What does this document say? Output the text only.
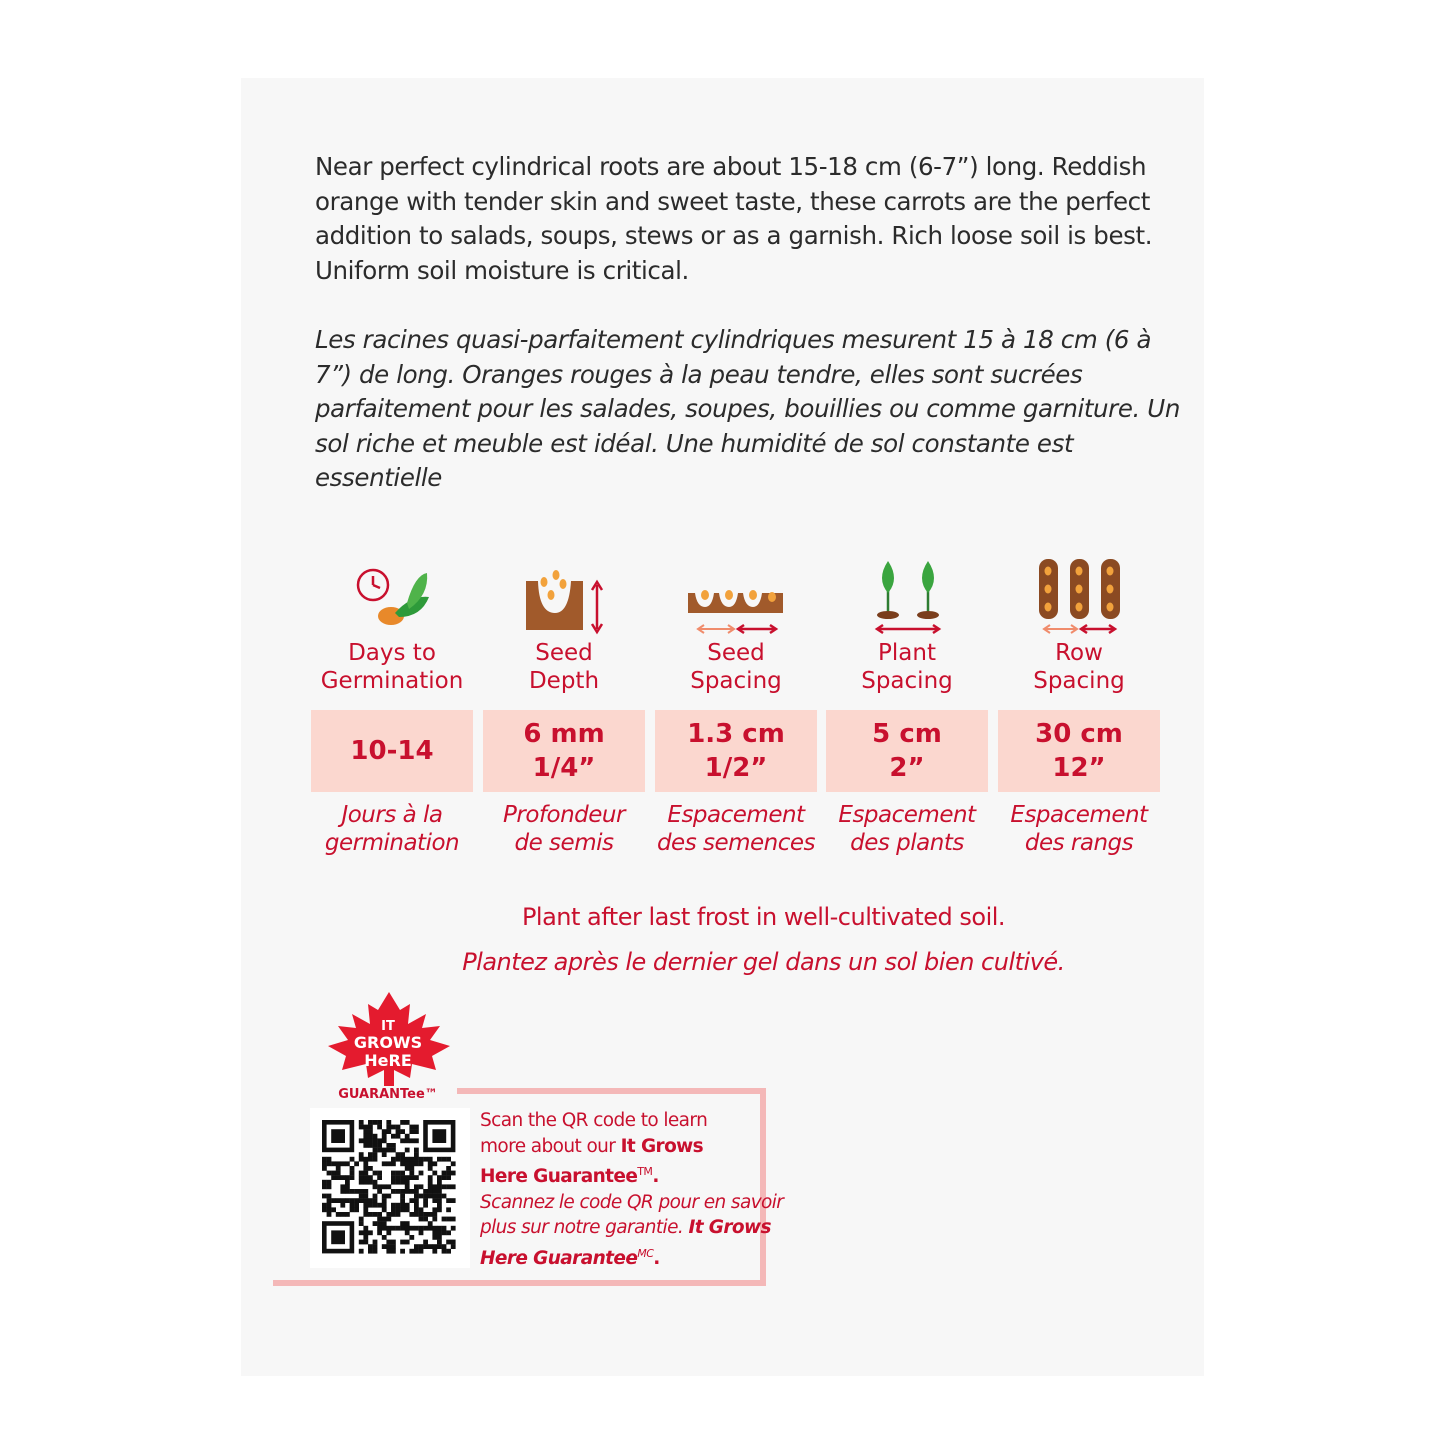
Near perfect cylindrical roots are about 15-18 cm (6-7”) long. Reddish orange with tender skin and sweet taste, these carrots are the perfect addition to salads, soups, stews or as a garnish. Rich loose soil is best. Uniform soil moisture is critical.

Les racines quasi-parfaitement cylindriques mesurent 15 à 18 cm (6 à 7”) de long. Oranges rouges à la peau tendre, elles sont sucrées parfaitement pour les salades, soupes, bouillies ou comme garniture. Un sol riche et meuble est idéal. Une humidité de sol constante est essentielle

Days to
Germination
10-14
Jours à la
germination
Seed
Depth
6 mm
1/4”
Profondeur
de semis
Seed
Spacing
1.3 cm
1/2”
Espacement
des semences
Plant
Spacing
5 cm
2”
Espacement
des plants
Row
Spacing
30 cm
12”
Espacement
des rangs

Plant after last frost in well-cultivated soil.

Plantez après le dernier gel dans un sol bien cultivé.

IT
GROWS
HeRE
GUARANTee™
Scan the QR code to learn
more about our It Grows
Here Guarantee™.
Scannez le code QR pour en savoir
plus sur notre garantie. It Grows
Here Guarantee$^{MC}$.
